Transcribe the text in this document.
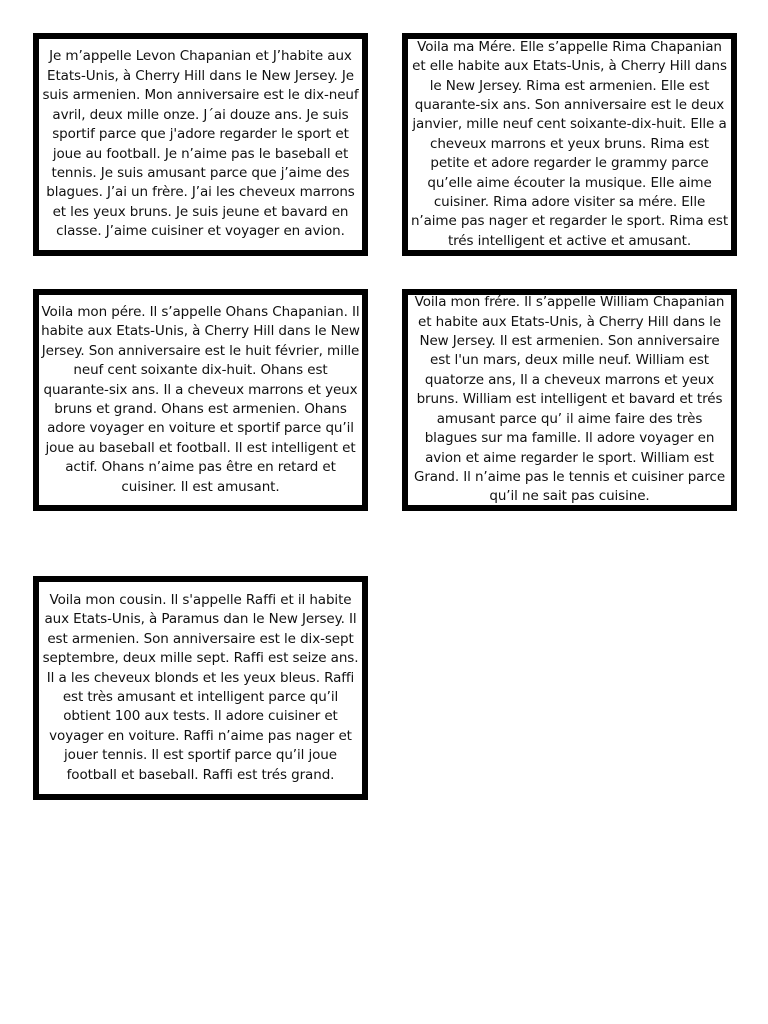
Je m’appelle Levon Chapanian et J’habite aux Etats-Unis, à Cherry Hill dans le New Jersey. Je suis armenien. Mon anniversaire est le dix-neuf avril, deux mille onze. J´ai douze ans. Je suis sportif parce que j'adore regarder le sport et joue au football. Je n’aime pas le baseball et tennis. Je suis amusant parce que j’aime des blagues. J’ai un frère. J’ai les cheveux marrons et les yeux bruns. Je suis jeune et bavard en classe. J’aime cuisiner et voyager en avion.

Voila ma Mére. Elle s’appelle Rima Chapanian et elle habite aux Etats-Unis, à Cherry Hill dans le New Jersey. Rima est armenien. Elle est quarante-six ans. Son anniversaire est le deux janvier, mille neuf cent soixante-dix-huit. Elle a cheveux marrons et yeux bruns. Rima est petite et adore regarder le grammy parce qu’elle aime écouter la musique. Elle aime cuisiner. Rima adore visiter sa mére. Elle n’aime pas nager et regarder le sport. Rima est trés intelligent et active et amusant.

Voila mon pére. Il s’appelle Ohans Chapanian. Il habite aux Etats-Unis, à Cherry Hill dans le New Jersey. Son anniversaire est le huit février, mille neuf cent soixante dix-huit. Ohans est quarante-six ans. Il a cheveux marrons et yeux bruns et grand. Ohans est armenien. Ohans adore voyager en voiture et sportif parce qu’il joue au baseball et football. Il est intelligent et actif. Ohans n’aime pas être en retard et cuisiner. Il est amusant.

Voila mon frére. Il s’appelle William Chapanian et habite aux Etats-Unis, à Cherry Hill dans le New Jersey. Il est armenien. Son anniversaire est l'un mars, deux mille neuf. William est quatorze ans, Il a cheveux marrons et yeux bruns. William est intelligent et bavard et trés amusant parce qu’ il aime faire des très blagues sur ma famille. Il adore voyager en avion et aime regarder le sport. William est Grand. Il n’aime pas le tennis et cuisiner parce qu’il ne sait pas cuisine.

Voila mon cousin. Il s'appelle Raffi et il habite aux Etats-Unis, à Paramus dan le New Jersey. Il est armenien. Son anniversaire est le dix-sept septembre, deux mille sept. Raffi est seize ans. Il a les cheveux blonds et les yeux bleus. Raffi est très amusant et intelligent parce qu’il obtient 100 aux tests. Il adore cuisiner et voyager en voiture. Raffi n’aime pas nager et jouer tennis. Il est sportif parce qu’il joue football et baseball. Raffi est trés grand.
